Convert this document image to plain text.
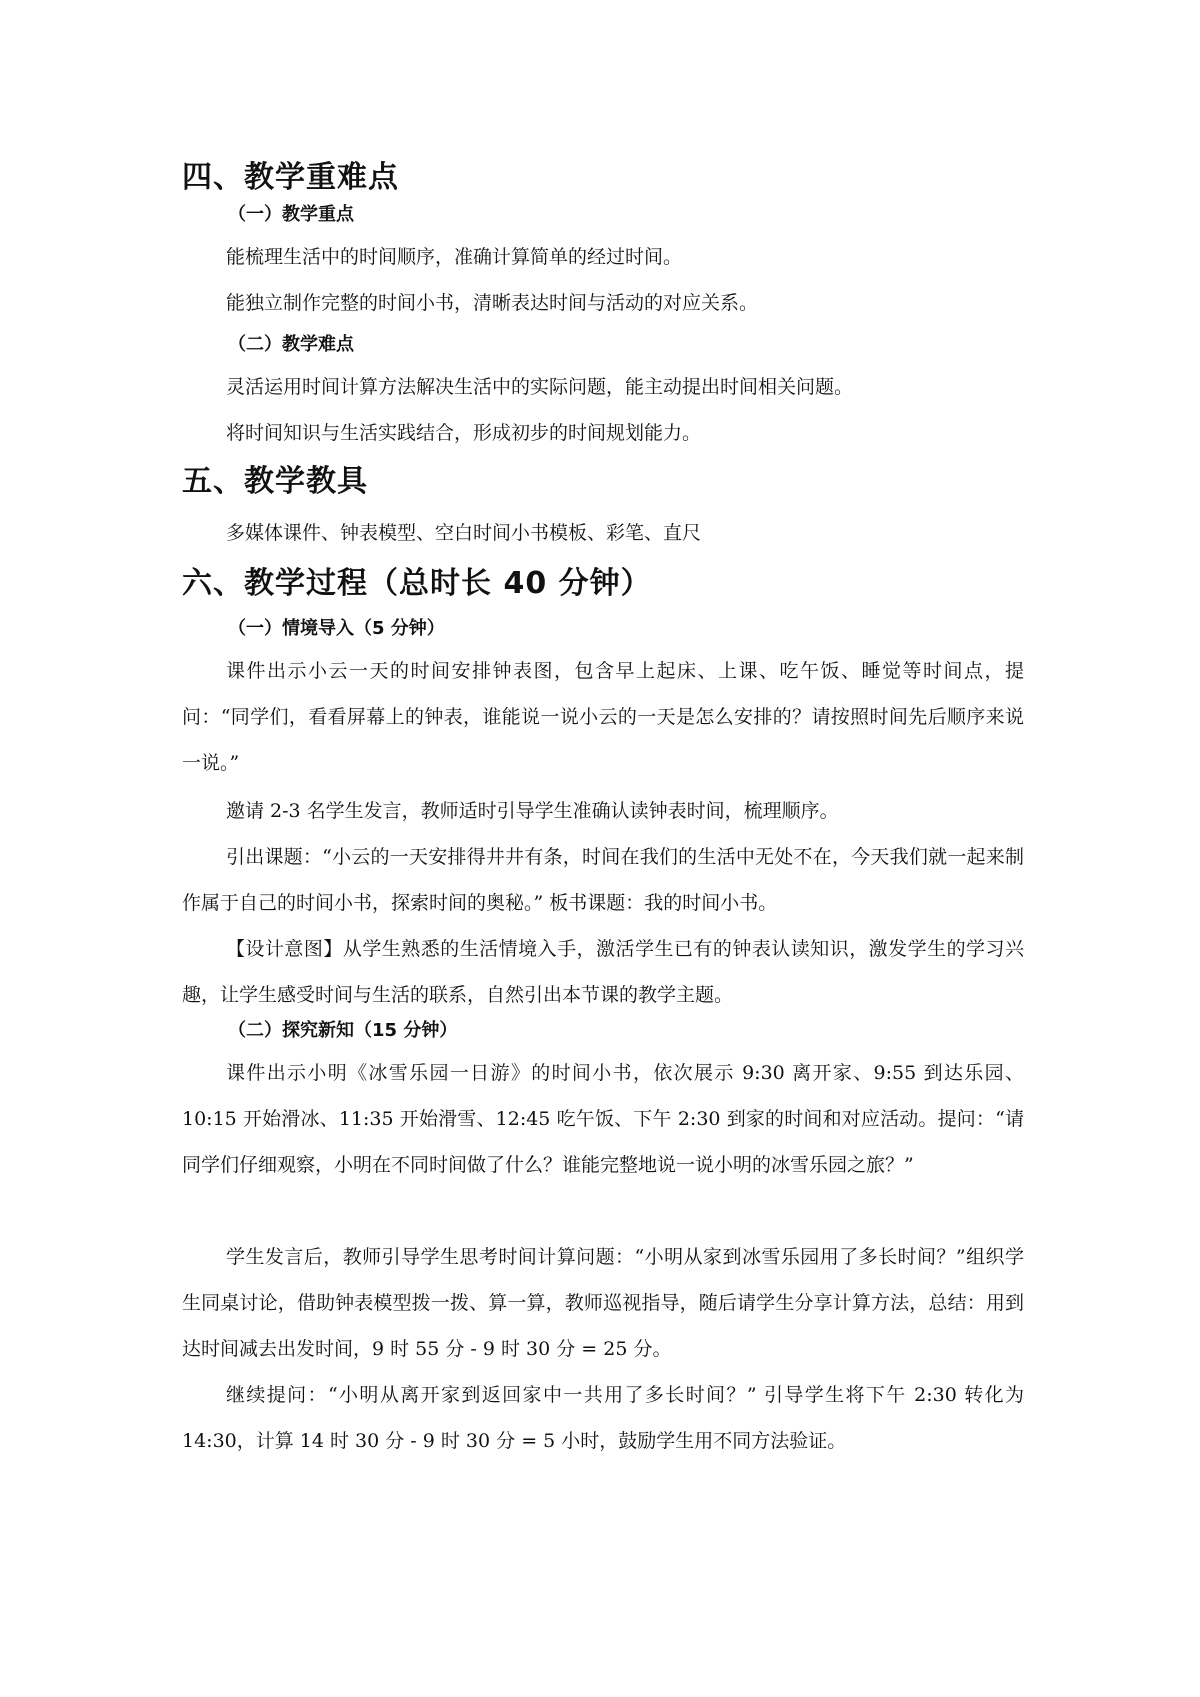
四、教学重难点
（一）教学重点
能梳理生活中的时间顺序，准确计算简单的经过时间。
能独立制作完整的时间小书，清晰表达时间与活动的对应关系。
（二）教学难点
灵活运用时间计算方法解决生活中的实际问题，能主动提出时间相关问题。
将时间知识与生活实践结合，形成初步的时间规划能力。
五、教学教具
多媒体课件、钟表模型、空白时间小书模板、彩笔、直尺
六、教学过程（总时长 40 分钟）
（一）情境导入（5 分钟）
课件出示小云一天的时间安排钟表图，包含早上起床、上课、吃午饭、睡觉等时间点，提问：“同学们，看看屏幕上的钟表，谁能说一说小云的一天是怎么安排的？请按照时间先后顺序来说一说。”
邀请 2-3 名学生发言，教师适时引导学生准确认读钟表时间，梳理顺序。
引出课题：“小云的一天安排得井井有条，时间在我们的生活中无处不在，今天我们就一起来制作属于自己的时间小书，探索时间的奥秘。” 板书课题：我的时间小书。
【设计意图】从学生熟悉的生活情境入手，激活学生已有的钟表认读知识，激发学生的学习兴趣，让学生感受时间与生活的联系，自然引出本节课的教学主题。
（二）探究新知（15 分钟）
课件出示小明《冰雪乐园一日游》的时间小书，依次展示 9:30 离开家、9:55 到达乐园、10:15 开始滑冰、11:35 开始滑雪、12:45 吃午饭、下午 2:30 到家的时间和对应活动。提问：“请同学们仔细观察，小明在不同时间做了什么？谁能完整地说一说小明的冰雪乐园之旅？”
学生发言后，教师引导学生思考时间计算问题：“小明从家到冰雪乐园用了多长时间？”组织学生同桌讨论，借助钟表模型拨一拨、算一算，教师巡视指导，随后请学生分享计算方法，总结：用到达时间减去出发时间，9 时 55 分 - 9 时 30 分 = 25 分。
继续提问：“小明从离开家到返回家中一共用了多长时间？” 引导学生将下午 2:30 转化为 14:30，计算 14 时 30 分 - 9 时 30 分 = 5 小时，鼓励学生用不同方法验证。
